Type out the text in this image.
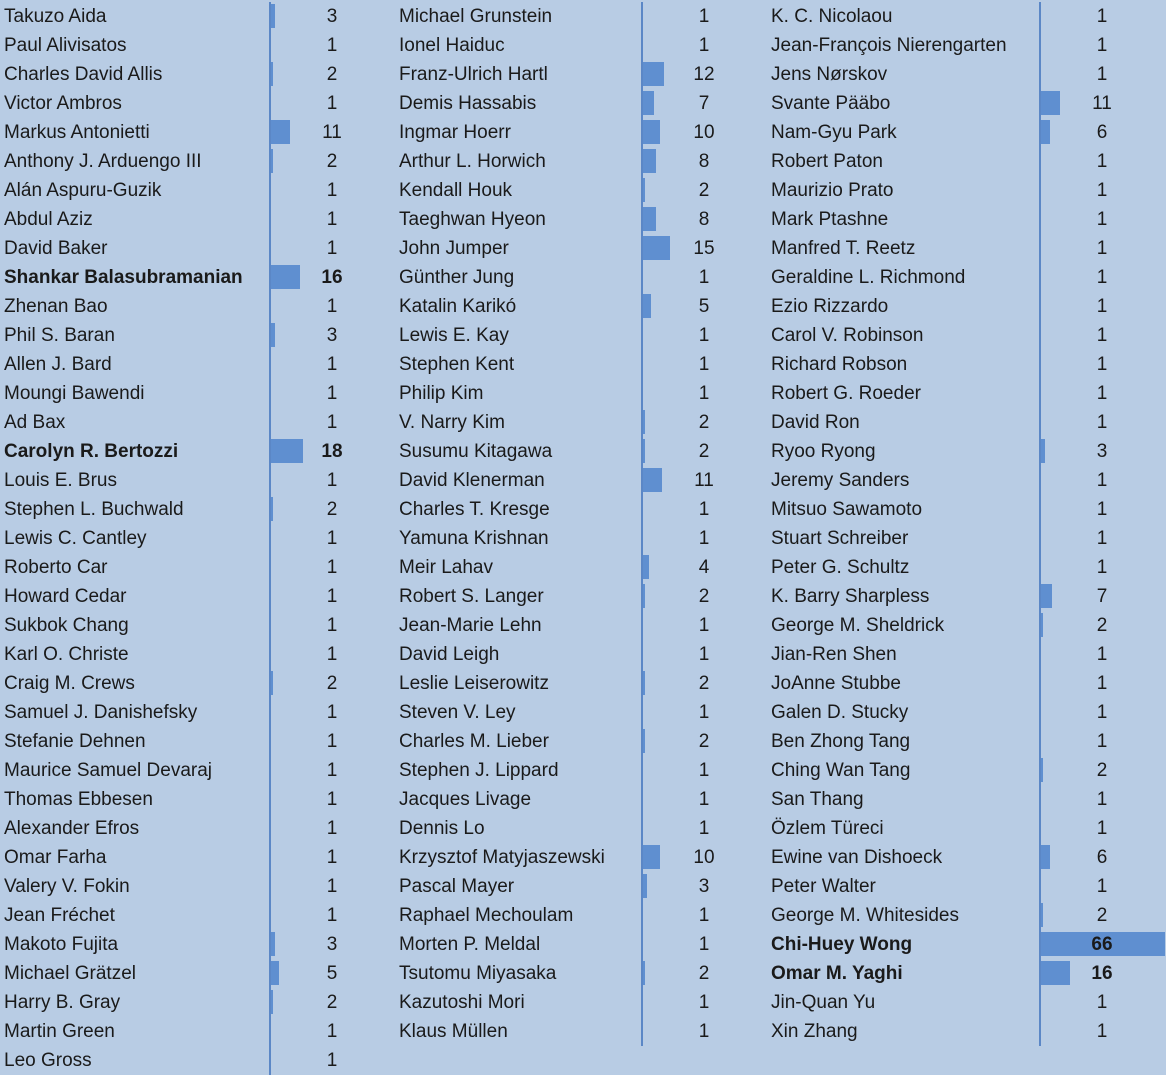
Takuzo Aida	3
Paul Alivisatos	1
Charles David Allis	2
Victor Ambros	1
Markus Antonietti	11
Anthony J. Arduengo III	2
Alán Aspuru-Guzik	1
Abdul Aziz	1
David Baker	1
Shankar Balasubramanian	16
Zhenan Bao	1
Phil S. Baran	3
Allen J. Bard	1
Moungi Bawendi	1
Ad Bax	1
Carolyn R. Bertozzi	18
Louis E. Brus	1
Stephen L. Buchwald	2
Lewis C. Cantley	1
Roberto Car	1
Howard Cedar	1
Sukbok Chang	1
Karl O. Christe	1
Craig M. Crews	2
Samuel J. Danishefsky	1
Stefanie Dehnen	1
Maurice Samuel Devaraj	1
Thomas Ebbesen	1
Alexander Efros	1
Omar Farha	1
Valery V. Fokin	1
Jean Fréchet	1
Makoto Fujita	3
Michael Grätzel	5
Harry B. Gray	2
Martin Green	1
Leo Gross	1
Michael Grunstein	1
Ionel Haiduc	1
Franz-Ulrich Hartl	12
Demis Hassabis	7
Ingmar Hoerr	10
Arthur L. Horwich	8
Kendall Houk	2
Taeghwan Hyeon	8
John Jumper	15
Günther Jung	1
Katalin Karikó	5
Lewis E. Kay	1
Stephen Kent	1
Philip Kim	1
V. Narry Kim	2
Susumu Kitagawa	2
David Klenerman	11
Charles T. Kresge	1
Yamuna Krishnan	1
Meir Lahav	4
Robert S. Langer	2
Jean-Marie Lehn	1
David Leigh	1
Leslie Leiserowitz	2
Steven V. Ley	1
Charles M. Lieber	2
Stephen J. Lippard	1
Jacques Livage	1
Dennis Lo	1
Krzysztof Matyjaszewski	10
Pascal Mayer	3
Raphael Mechoulam	1
Morten P. Meldal	1
Tsutomu Miyasaka	2
Kazutoshi Mori	1
Klaus Müllen	1
K. C. Nicolaou	1
Jean-François Nierengarten	1
Jens Nørskov	1
Svante Pääbo	11
Nam-Gyu Park	6
Robert Paton	1
Maurizio Prato	1
Mark Ptashne	1
Manfred T. Reetz	1
Geraldine L. Richmond	1
Ezio Rizzardo	1
Carol V. Robinson	1
Richard Robson	1
Robert G. Roeder	1
David Ron	1
Ryoo Ryong	3
Jeremy Sanders	1
Mitsuo Sawamoto	1
Stuart Schreiber	1
Peter G. Schultz	1
K. Barry Sharpless	7
George M. Sheldrick	2
Jian-Ren Shen	1
JoAnne Stubbe	1
Galen D. Stucky	1
Ben Zhong Tang	1
Ching Wan Tang	2
San Thang	1
Özlem Türeci	1
Ewine van Dishoeck	6
Peter Walter	1
George M. Whitesides	2
Chi-Huey Wong	66
Omar M. Yaghi	16
Jin-Quan Yu	1
Xin Zhang	1
